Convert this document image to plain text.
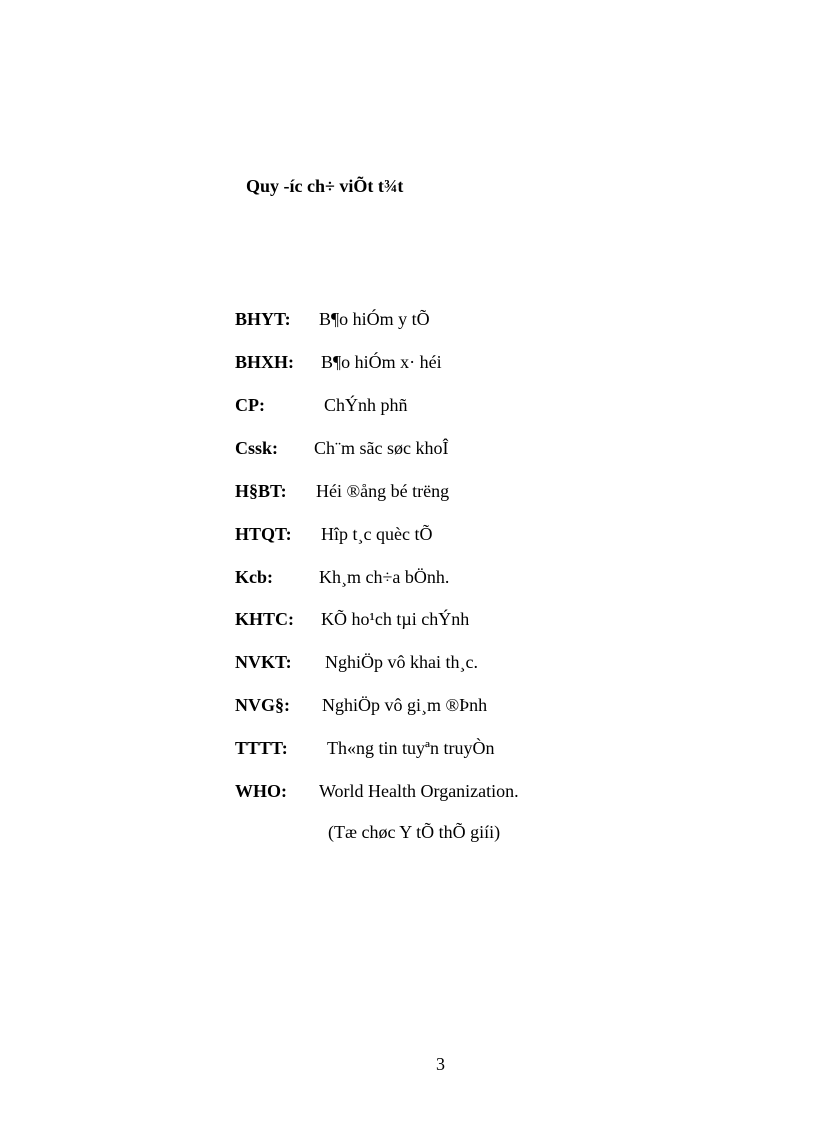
Quy -íc ch÷ viÕt t¾t
BHYT: B¶o hiÓm y tÕ
BHXH: B¶o hiÓm x· héi
CP:	ChÝnh phñ
Cssk: Ch¨m sãc søc khoÎ
H§BT: Héi ®ång bé trëng
HTQT: Hîp t¸c quèc tÕ
Kcb:	Kh¸m ch÷a bÖnh.
KHTC: KÕ ho¹ch tµi chÝnh
NVKT: NghiÖp vô khai th¸c.
NVG§: NghiÖp vô gi¸m ®Þnh
TTTT: Th«ng tin tuyªn truyÒn
WHO: World Health Organization.
(Tæ chøc Y tÕ thÕ giíi)
3
